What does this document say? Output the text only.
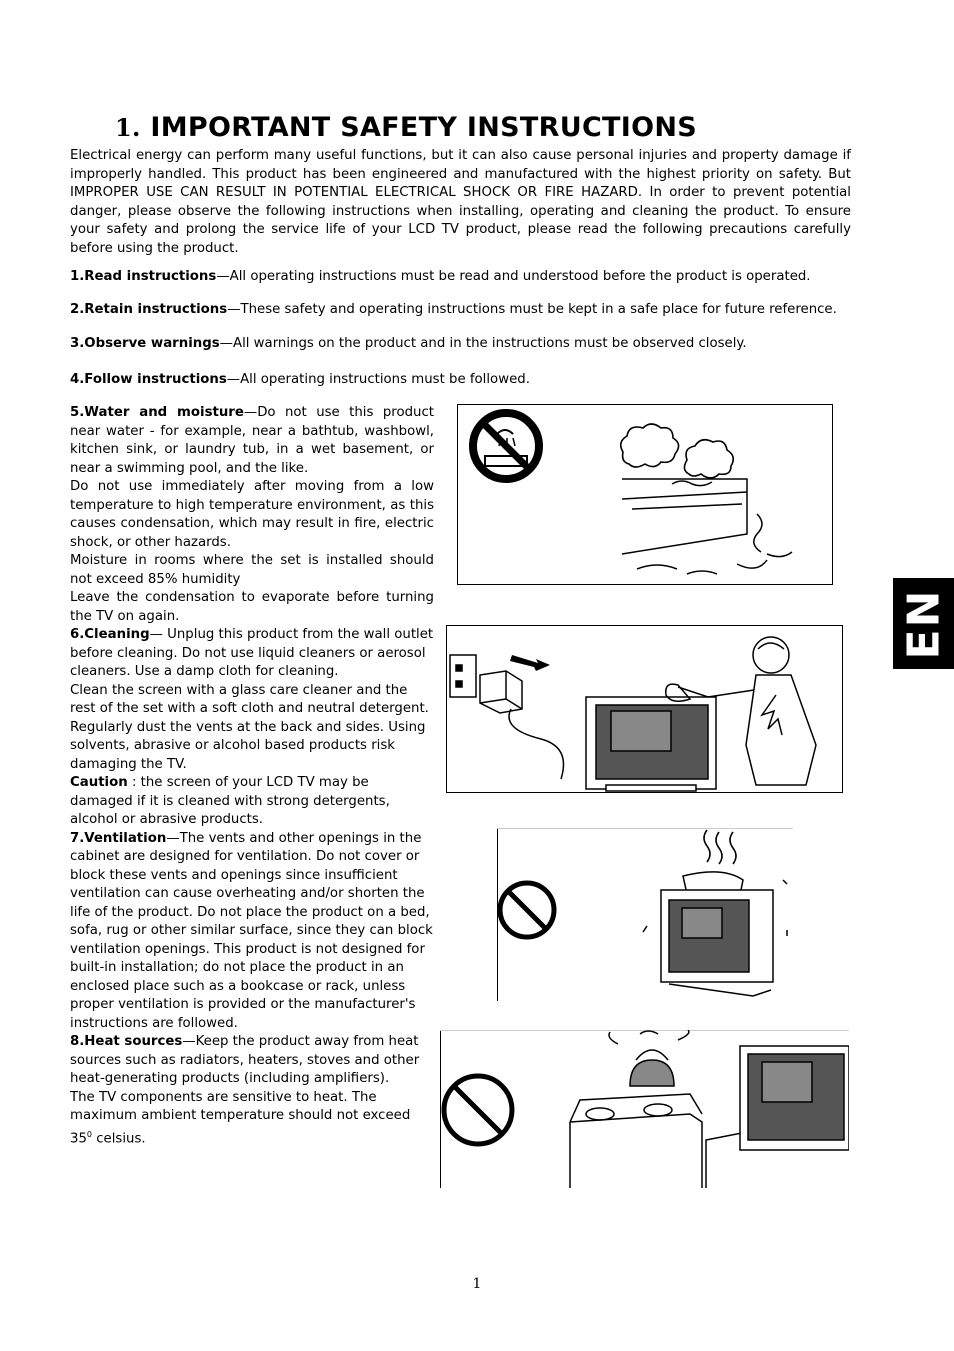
1. IMPORTANT SAFETY INSTRUCTIONS

Electrical energy can perform many useful functions, but it can also cause personal injuries and property damage if improperly handled. This product has been engineered and manufactured with the highest priority on safety. But IMPROPER USE CAN RESULT IN POTENTIAL ELECTRICAL SHOCK OR FIRE HAZARD. In order to prevent potential danger, please observe the following instructions when installing, operating and cleaning the product. To ensure your safety and prolong the service life of your LCD TV product, please read the following precautions carefully before using the product.

1.Read instructions—All operating instructions must be read and understood before the product is operated.

2.Retain instructions—These safety and operating instructions must be kept in a safe place for future reference.

3.Observe warnings—All warnings on the product and in the instructions must be observed closely.

4.Follow instructions—All operating instructions must be followed.

5.Water and moisture—Do not use this product near water - for example, near a bathtub, washbowl, kitchen sink, or laundry tub, in a wet basement, or near a swimming pool, and the like.

Do not use immediately after moving from a low temperature to high temperature environment, as this causes condensation, which may result in fire, electric shock, or other hazards.

Moisture in rooms where the set is installed should not exceed 85% humidity

Leave the condensation to evaporate before turning the TV on again.

6.Cleaning— Unplug this product from the wall outlet before cleaning. Do not use liquid cleaners or aerosol cleaners. Use a damp cloth for cleaning.

Clean the screen with a glass care cleaner and the rest of the set with a soft cloth and neutral detergent.

Regularly dust the vents at the back and sides. Using solvents, abrasive or alcohol based products risk damaging the TV.

Caution : the screen of your LCD TV may be damaged if it is cleaned with strong detergents, alcohol or abrasive products.

7.Ventilation—The vents and other openings in the cabinet are designed for ventilation. Do not cover or block these vents and openings since insufficient ventilation can cause overheating and/or shorten the life of the product. Do not place the product on a bed, sofa, rug or other similar surface, since they can block ventilation openings. This product is not designed for built-in installation; do not place the product in an enclosed place such as a bookcase or rack, unless proper ventilation is provided or the manufacturer's instructions are followed.

8.Heat sources—Keep the product away from heat sources such as radiators, heaters, stoves and other heat-generating products (including amplifiers).

The TV components are sensitive to heat. The maximum ambient temperature should not exceed $35^0$ celsius.

EN
1
